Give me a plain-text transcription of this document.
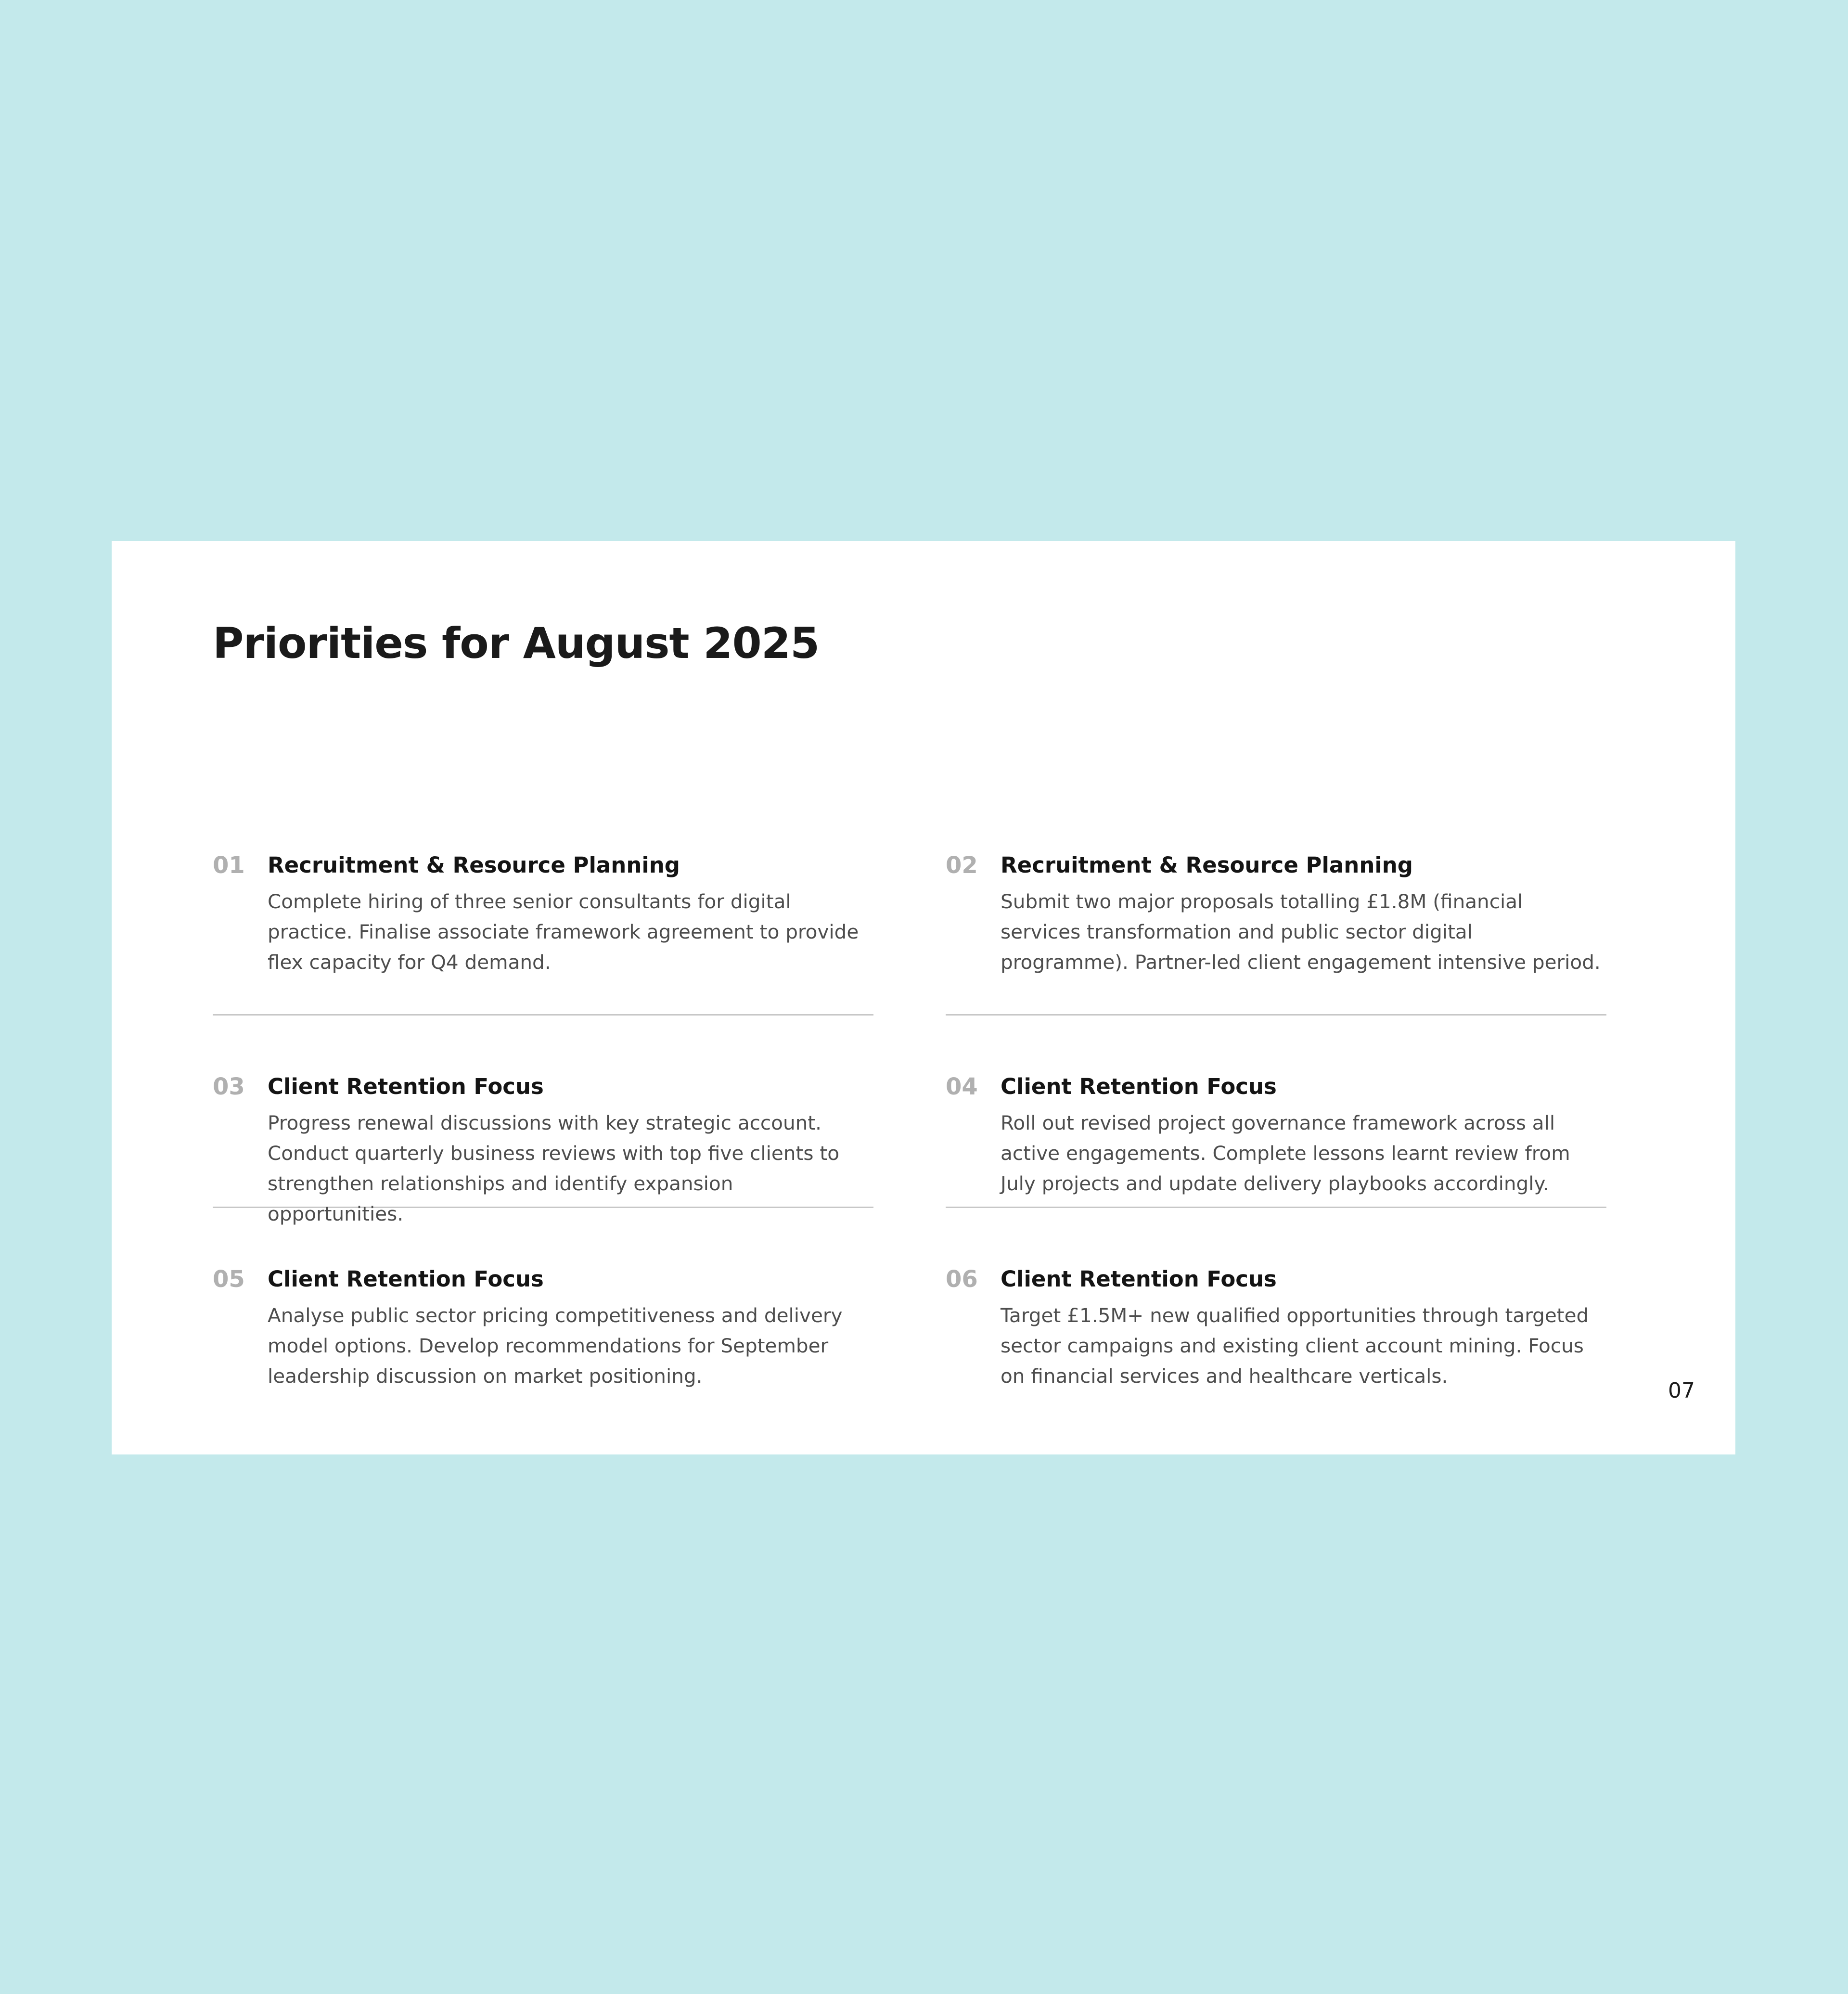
Priorities for August 2025
01	Recruitment & Resource Planning
Complete hiring of three senior consultants for digital practice. Finalise associate framework agreement to provide flex capacity for Q4 demand.
02	Recruitment & Resource Planning
Submit two major proposals totalling £1.8M (financial services transformation and public sector digital programme). Partner-led client engagement intensive period.
03	Client Retention Focus
Progress renewal discussions with key strategic account. Conduct quarterly business reviews with top five clients to strengthen relationships and identify expansion opportunities.
04	Client Retention Focus
Roll out revised project governance framework across all active engagements. Complete lessons learnt review from July projects and update delivery playbooks accordingly.
05	Client Retention Focus
Analyse public sector pricing competitiveness and delivery model options. Develop recommendations for September leadership discussion on market positioning.
06	Client Retention Focus
Target £1.5M+ new qualified opportunities through targeted sector campaigns and existing client account mining. Focus on financial services and healthcare verticals.
07
